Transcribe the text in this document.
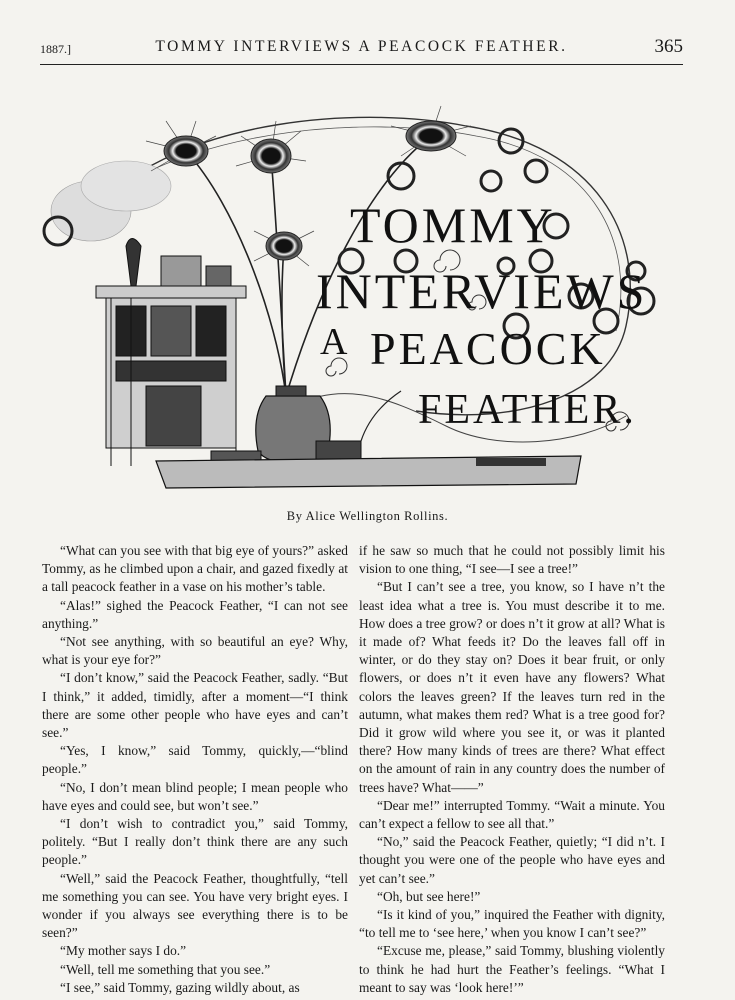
1887.]	TOMMY INTERVIEWS A PEACOCK FEATHER.	365
TOMMY
INTERVIEWS
A PEACOCK
FEATHER.
By Alice Wellington Rollins.

“What can you see with that big eye of yours?” asked Tommy, as he climbed upon a chair, and gazed fixedly at a tall peacock feather in a vase on his mother’s table.

“Alas!” sighed the Peacock Feather, “I can not see anything.”

“Not see anything, with so beautiful an eye? Why, what is your eye for?”

“I don’t know,” said the Peacock Feather, sadly. “But I think,” it added, timidly, after a moment—“I think there are some other people who have eyes and can’t see.”

“Yes, I know,” said Tommy, quickly,—“blind people.”

“No, I don’t mean blind people; I mean people who have eyes and could see, but won’t see.”

“I don’t wish to contradict you,” said Tommy, politely. “But I really don’t think there are any such people.”

“Well,” said the Peacock Feather, thoughtfully, “tell me something you can see. You have very bright eyes. I wonder if you always see everything there is to be seen?”

“My mother says I do.”

“Well, tell me something that you see.”

“I see,” said Tommy, gazing wildly about, as

if he saw so much that he could not possibly limit his vision to one thing, “I see—I see a tree!”

“But I can’t see a tree, you know, so I have n’t the least idea what a tree is. You must describe it to me. How does a tree grow? or does n’t it grow at all? What is it made of? What feeds it? Do the leaves fall off in winter, or do they stay on? Does it bear fruit, or only flowers, or does n’t it even have any flowers? What colors the leaves green? If the leaves turn red in the autumn, what makes them red? What is a tree good for? Did it grow wild where you see it, or was it planted there? How many kinds of trees are there? What effect on the amount of rain in any country does the number of trees have? What——”

“Dear me!” interrupted Tommy. “Wait a minute. You can’t expect a fellow to see all that.”

“No,” said the Peacock Feather, quietly; “I did n’t. I thought you were one of the people who have eyes and yet can’t see.”

“Oh, but see here!”

“Is it kind of you,” inquired the Feather with dignity, “to tell me to ‘see here,’ when you know I can’t see?”

“Excuse me, please,” said Tommy, blushing violently to think he had hurt the Feather’s feelings. “What I meant to say was ‘look here!’”
